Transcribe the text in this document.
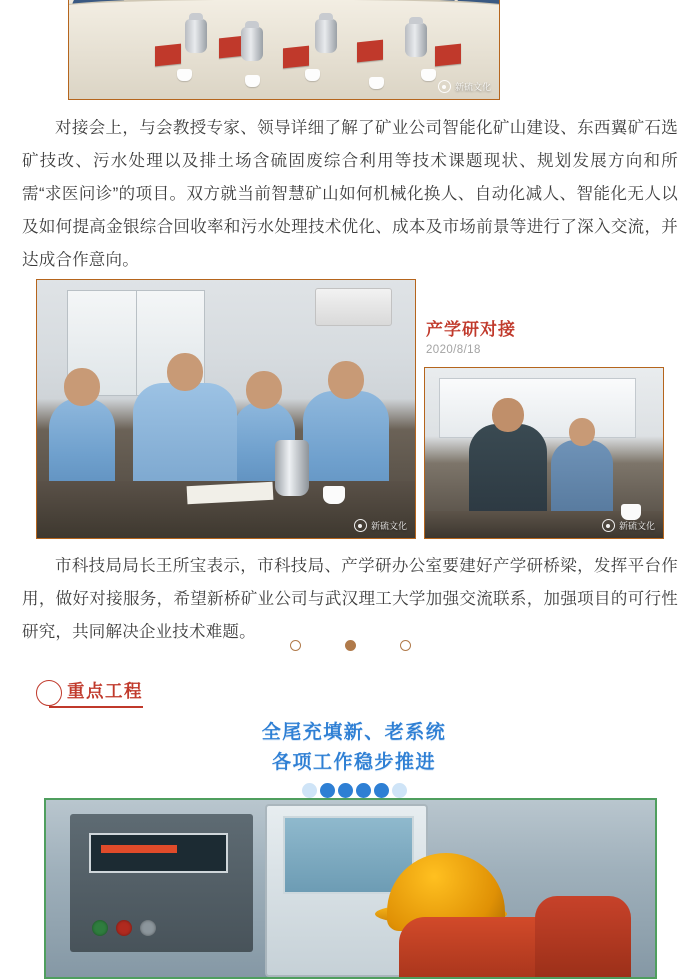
新硫文化

对接会上，与会教授专家、领导详细了解了矿业公司智能化矿山建设、东西翼矿石选矿技改、污水处理以及排土场含硫固废综合利用等技术课题现状、规划发展方向和所需“求医问诊”的项目。双方就当前智慧矿山如何机械化换人、自动化减人、智能化无人以及如何提高金银综合回收率和污水处理技术优化、成本及市场前景等进行了深入交流，并达成合作意向。

新硫文化
产学研对接
2020/8/18
新硫文化

市科技局局长王所宝表示，市科技局、产学研办公室要建好产学研桥梁，发挥平台作用，做好对接服务，希望新桥矿业公司与武汉理工大学加强交流联系，加强项目的可行性研究，共同解决企业技术难题。

重点工程
全尾充填新、老系统
各项工作稳步推进
